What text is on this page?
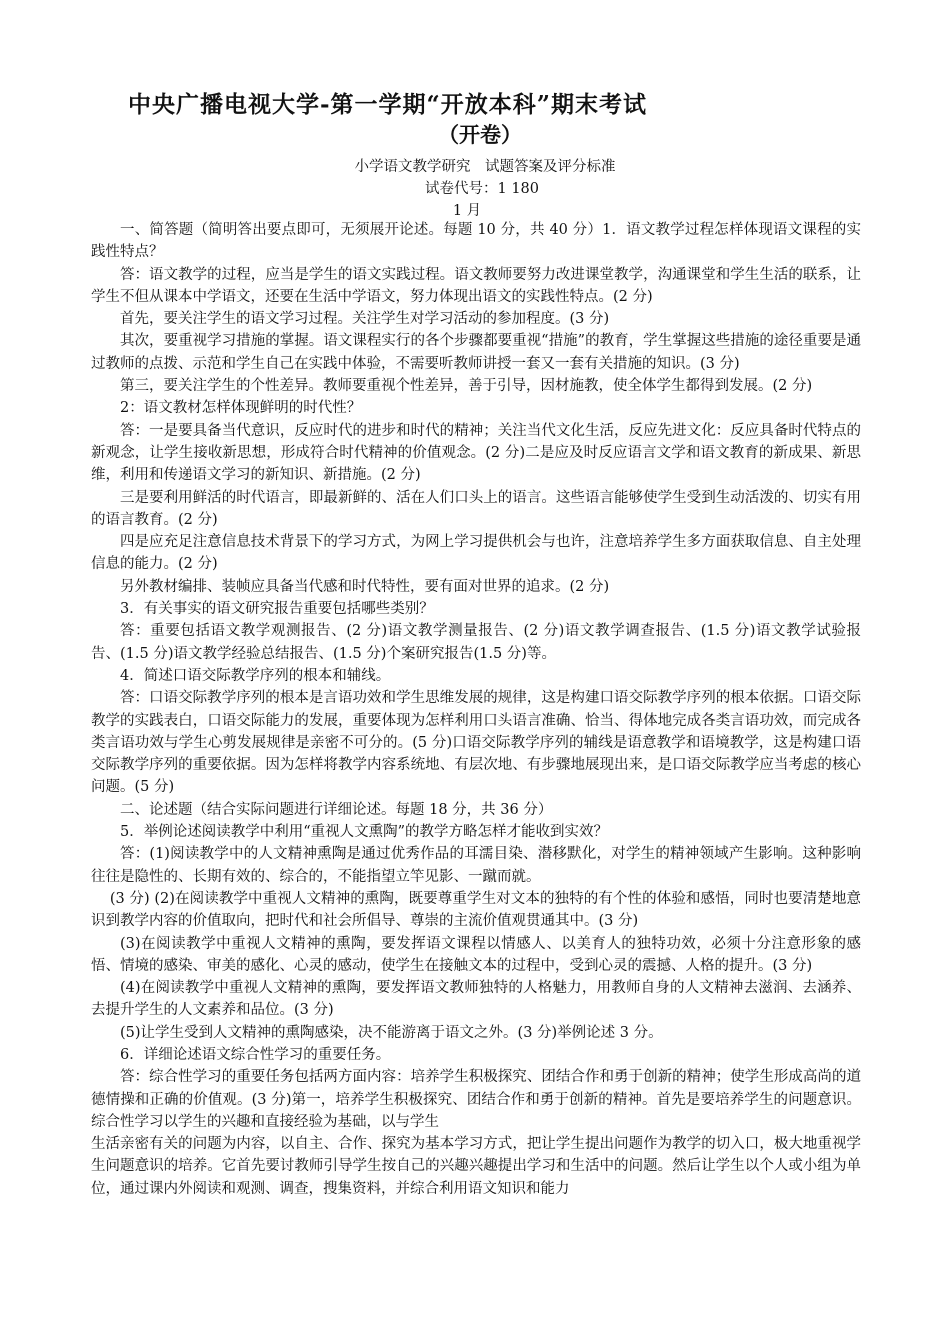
中央广播电视大学-第一学期“开放本科”期末考试
（开卷）
小学语文教学研究　试题答案及评分标准
试卷代号：1 180
1 月

一、简答题（简明答出要点即可，无须展开论述。每题 10 分，共 40 分）1．语文教学过程怎样体现语文课程的实践性特点？

答：语文教学的过程，应当是学生的语文实践过程。语文教师要努力改进课堂教学，沟通课堂和学生生活的联系，让学生不但从课本中学语文，还要在生活中学语文，努力体现出语文的实践性特点。(2 分)

首先，要关注学生的语文学习过程。关注学生对学习活动的参加程度。(3 分)

其次，要重视学习措施的掌握。语文课程实行的各个步骤都要重视“措施”的教育，学生掌握这些措施的途径重要是通过教师的点拨、示范和学生自己在实践中体验，不需要听教师讲授一套又一套有关措施的知识。(3 分)

第三，要关注学生的个性差异。教师要重视个性差异，善于引导，因材施教，使全体学生都得到发展。(2 分)

2：语文教材怎样体现鲜明的时代性？

答：一是要具备当代意识，反应时代的进步和时代的精神；关注当代文化生活，反应先进文化：反应具备时代特点的新观念，让学生接收新思想，形成符合时代精神的价值观念。(2 分)二是应及时反应语言文学和语文教育的新成果、新思维，利用和传递语文学习的新知识、新措施。(2 分)

三是要利用鲜活的时代语言，即最新鲜的、活在人们口头上的语言。这些语言能够使学生受到生动活泼的、切实有用的语言教育。(2 分)

四是应充足注意信息技术背景下的学习方式，为网上学习提供机会与也许，注意培养学生多方面获取信息、自主处理信息的能力。(2 分)

另外教材编排、装帧应具备当代感和时代特性，要有面对世界的追求。(2 分)

3．有关事实的语文研究报告重要包括哪些类别？

答：重要包括语文教学观测报告、(2 分)语文教学测量报告、(2 分)语文教学调查报告、(1.5 分)语文教学试验报告、(1.5 分)语文教学经验总结报告、(1.5 分)个案研究报告(1.5 分)等。

4．简述口语交际教学序列的根本和辅线。

答：口语交际教学序列的根本是言语功效和学生思维发展的规律，这是构建口语交际教学序列的根本依据。口语交际教学的实践表白，口语交际能力的发展，重要体现为怎样利用口头语言准确、恰当、得体地完成各类言语功效，而完成各类言语功效与学生心剪发展规律是亲密不可分的。(5 分)口语交际教学序列的辅线是语意教学和语境教学，这是构建口语交际教学序列的重要依据。因为怎样将教学内容系统地、有层次地、有步骤地展现出来，是口语交际教学应当考虑的核心问题。(5 分)

二、论述题（结合实际问题进行详细论述。每题 18 分，共 36 分）

5．举例论述阅读教学中利用“重视人文熏陶”的教学方略怎样才能收到实效？

答：(1)阅读教学中的人文精神熏陶是通过优秀作品的耳濡目染、潜移默化，对学生的精神领域产生影响。这种影响往往是隐性的、长期有效的、综合的，不能指望立竿见影、一蹴而就。

(3 分) (2)在阅读教学中重视人文精神的熏陶，既要尊重学生对文本的独特的有个性的体验和感悟，同时也要清楚地意识到教学内容的价值取向，把时代和社会所倡导、尊崇的主流价值观贯通其中。(3 分)

(3)在阅读教学中重视人文精神的熏陶，要发挥语文课程以情感人、以美育人的独特功效，必须十分注意形象的感悟、情境的感染、审美的感化、心灵的感动，使学生在接触文本的过程中，受到心灵的震撼、人格的提升。(3 分)

(4)在阅读教学中重视人文精神的熏陶，要发挥语文教师独特的人格魅力，用教师自身的人文精神去滋润、去涵养、去提升学生的人文素养和品位。(3 分)

(5)让学生受到人文精神的熏陶感染，决不能游离于语文之外。(3 分)举例论述 3 分。

6．详细论述语文综合性学习的重要任务。

答：综合性学习的重要任务包括两方面内容：培养学生积极探究、团结合作和勇于创新的精神；使学生形成高尚的道德情操和正确的价值观。(3 分)第一，培养学生积极探究、团结合作和勇于创新的精神。首先是要培养学生的问题意识。综合性学习以学生的兴趣和直接经验为基础，以与学生

生活亲密有关的问题为内容，以自主、合作、探究为基本学习方式，把让学生提出问题作为教学的切入口，极大地重视学生问题意识的培养。它首先要讨教师引导学生按自己的兴趣兴趣提出学习和生活中的问题。然后让学生以个人或小组为单位，通过课内外阅读和观测、调查，搜集资料，并综合利用语文知识和能力
